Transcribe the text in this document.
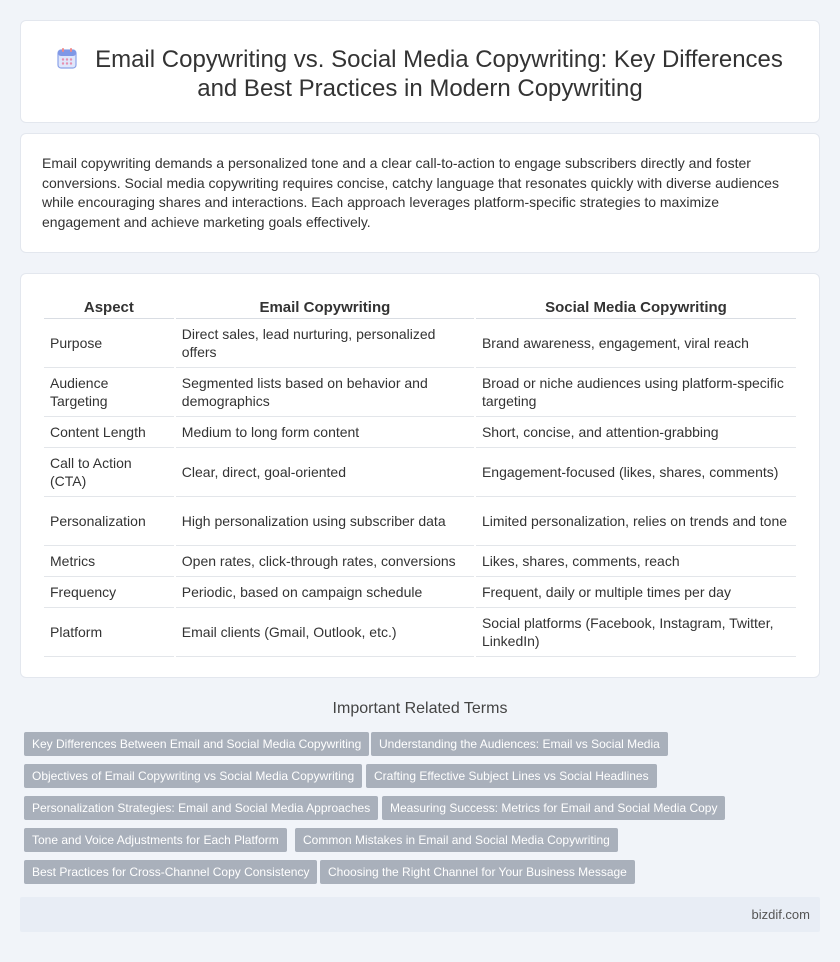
Email Copywriting vs. Social Media Copywriting: Key Differences and Best Practices in Modern Copywriting

Email copywriting demands a personalized tone and a clear call-to-action to engage subscribers directly and foster conversions. Social media copywriting requires concise, catchy language that resonates quickly with diverse audiences while encouraging shares and interactions. Each approach leverages platform-specific strategies to maximize engagement and achieve marketing goals effectively.

Aspect	Email Copywriting	Social Media Copywriting
Purpose	Direct sales, lead nurturing, personalized offers	Brand awareness, engagement, viral reach
Audience Targeting	Segmented lists based on behavior and demographics	Broad or niche audiences using platform-specific targeting
Content Length	Medium to long form content	Short, concise, and attention-grabbing
Call to Action (CTA)	Clear, direct, goal-oriented	Engagement-focused (likes, shares, comments)
Personalization	High personalization using subscriber data	Limited personalization, relies on trends and tone
Metrics	Open rates, click-through rates, conversions	Likes, shares, comments, reach
Frequency	Periodic, based on campaign schedule	Frequent, daily or multiple times per day
Platform	Email clients (Gmail, Outlook, etc.)	Social platforms (Facebook, Instagram, Twitter, LinkedIn)
Important Related Terms
Key Differences Between Email and Social Media Copywriting	Understanding the Audiences: Email vs Social Media
Objectives of Email Copywriting vs Social Media Copywriting	Crafting Effective Subject Lines vs Social Headlines
Personalization Strategies: Email and Social Media Approaches	Measuring Success: Metrics for Email and Social Media Copy
Tone and Voice Adjustments for Each Platform	Common Mistakes in Email and Social Media Copywriting
Best Practices for Cross-Channel Copy Consistency	Choosing the Right Channel for Your Business Message
bizdif.com
